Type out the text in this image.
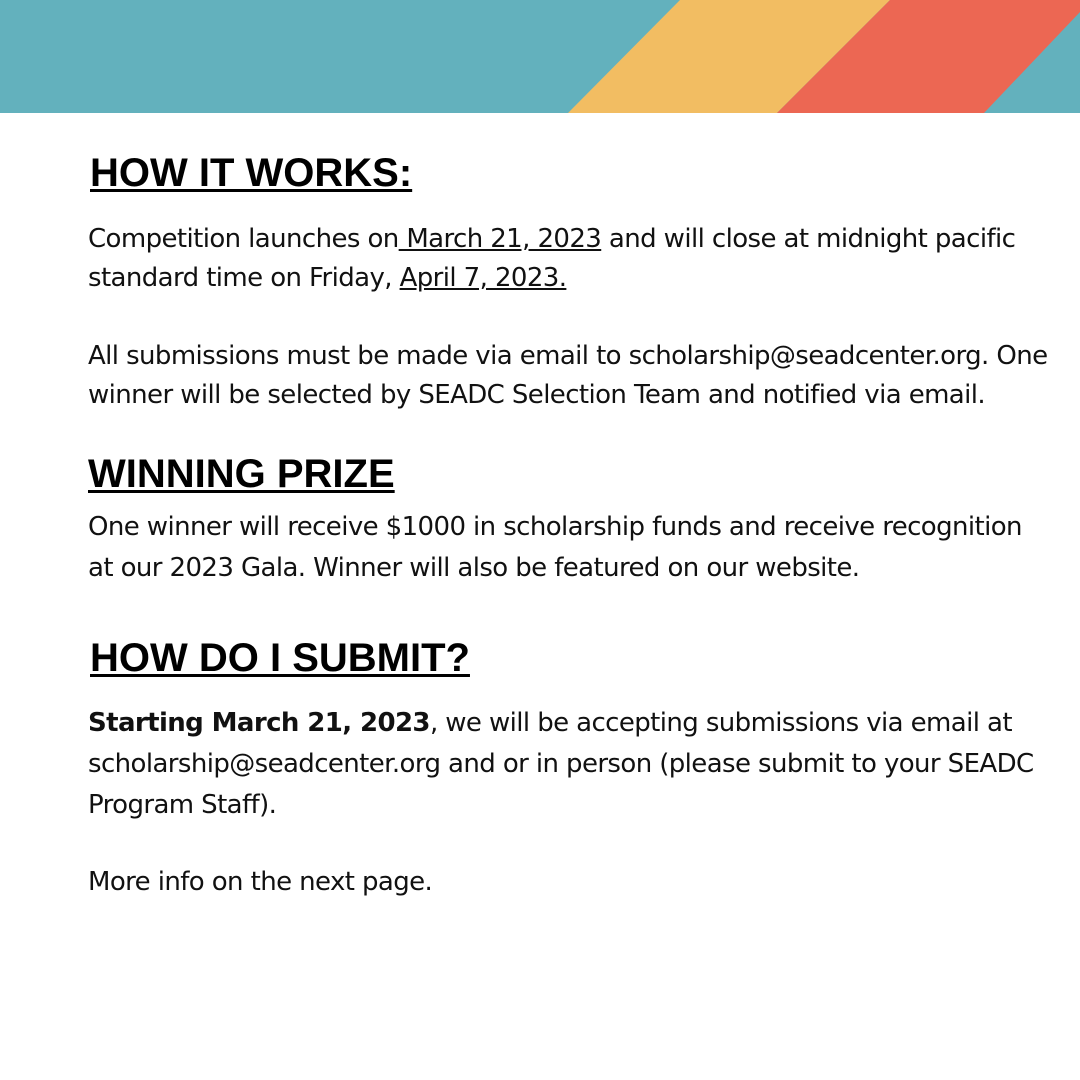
HOW IT WORKS:

Competition launches on March 21, 2023 and will close at midnight pacific standard time on Friday, April 7, 2023.

All submissions must be made via email to scholarship@seadcenter.org. One winner will be selected by SEADC Selection Team and notified via email.

WINNING PRIZE

One winner will receive $1000 in scholarship funds and receive recognition at our 2023 Gala. Winner will also be featured on our website.

HOW DO I SUBMIT?

Starting March 21, 2023, we will be accepting submissions via email at scholarship@seadcenter.org and or in person (please submit to your SEADC Program Staff).

More info on the next page.
